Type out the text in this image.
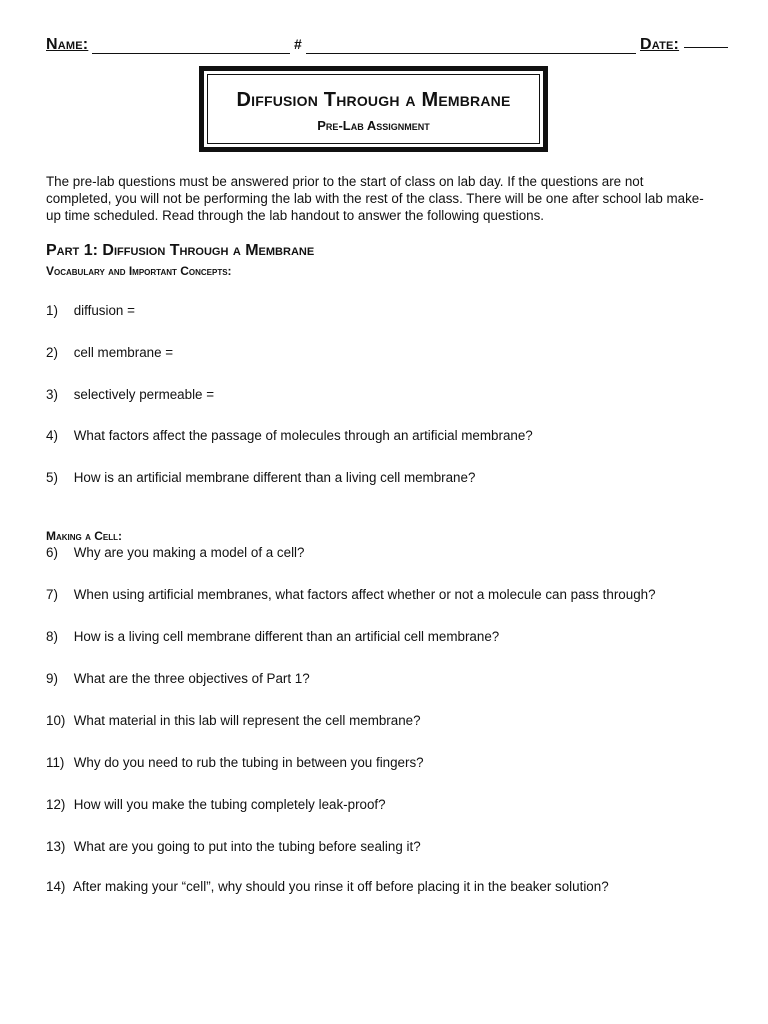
Name:	#	Date:
Diffusion Through a Membrane
Pre-Lab Assignment
The pre-lab questions must be answered prior to the start of class on lab day. If the questions are not completed, you will not be performing the lab with the rest of the class. There will be one after school lab make-up time scheduled. Read through the lab handout to answer the following questions.
Part 1: Diffusion Through a Membrane
Vocabulary and Important Concepts:
1) diffusion =
2) cell membrane =
3) selectively permeable =
4) What factors affect the passage of molecules through an artificial membrane?
5) How is an artificial membrane different than a living cell membrane?
Making a Cell:
6) Why are you making a model of a cell?
7) When using artificial membranes, what factors affect whether or not a molecule can pass through?
8) How is a living cell membrane different than an artificial cell membrane?
9) What are the three objectives of Part 1?
10) What material in this lab will represent the cell membrane?
11) Why do you need to rub the tubing in between you fingers?
12) How will you make the tubing completely leak-proof?
13) What are you going to put into the tubing before sealing it?
14) After making your “cell”, why should you rinse it off before placing it in the beaker solution?
